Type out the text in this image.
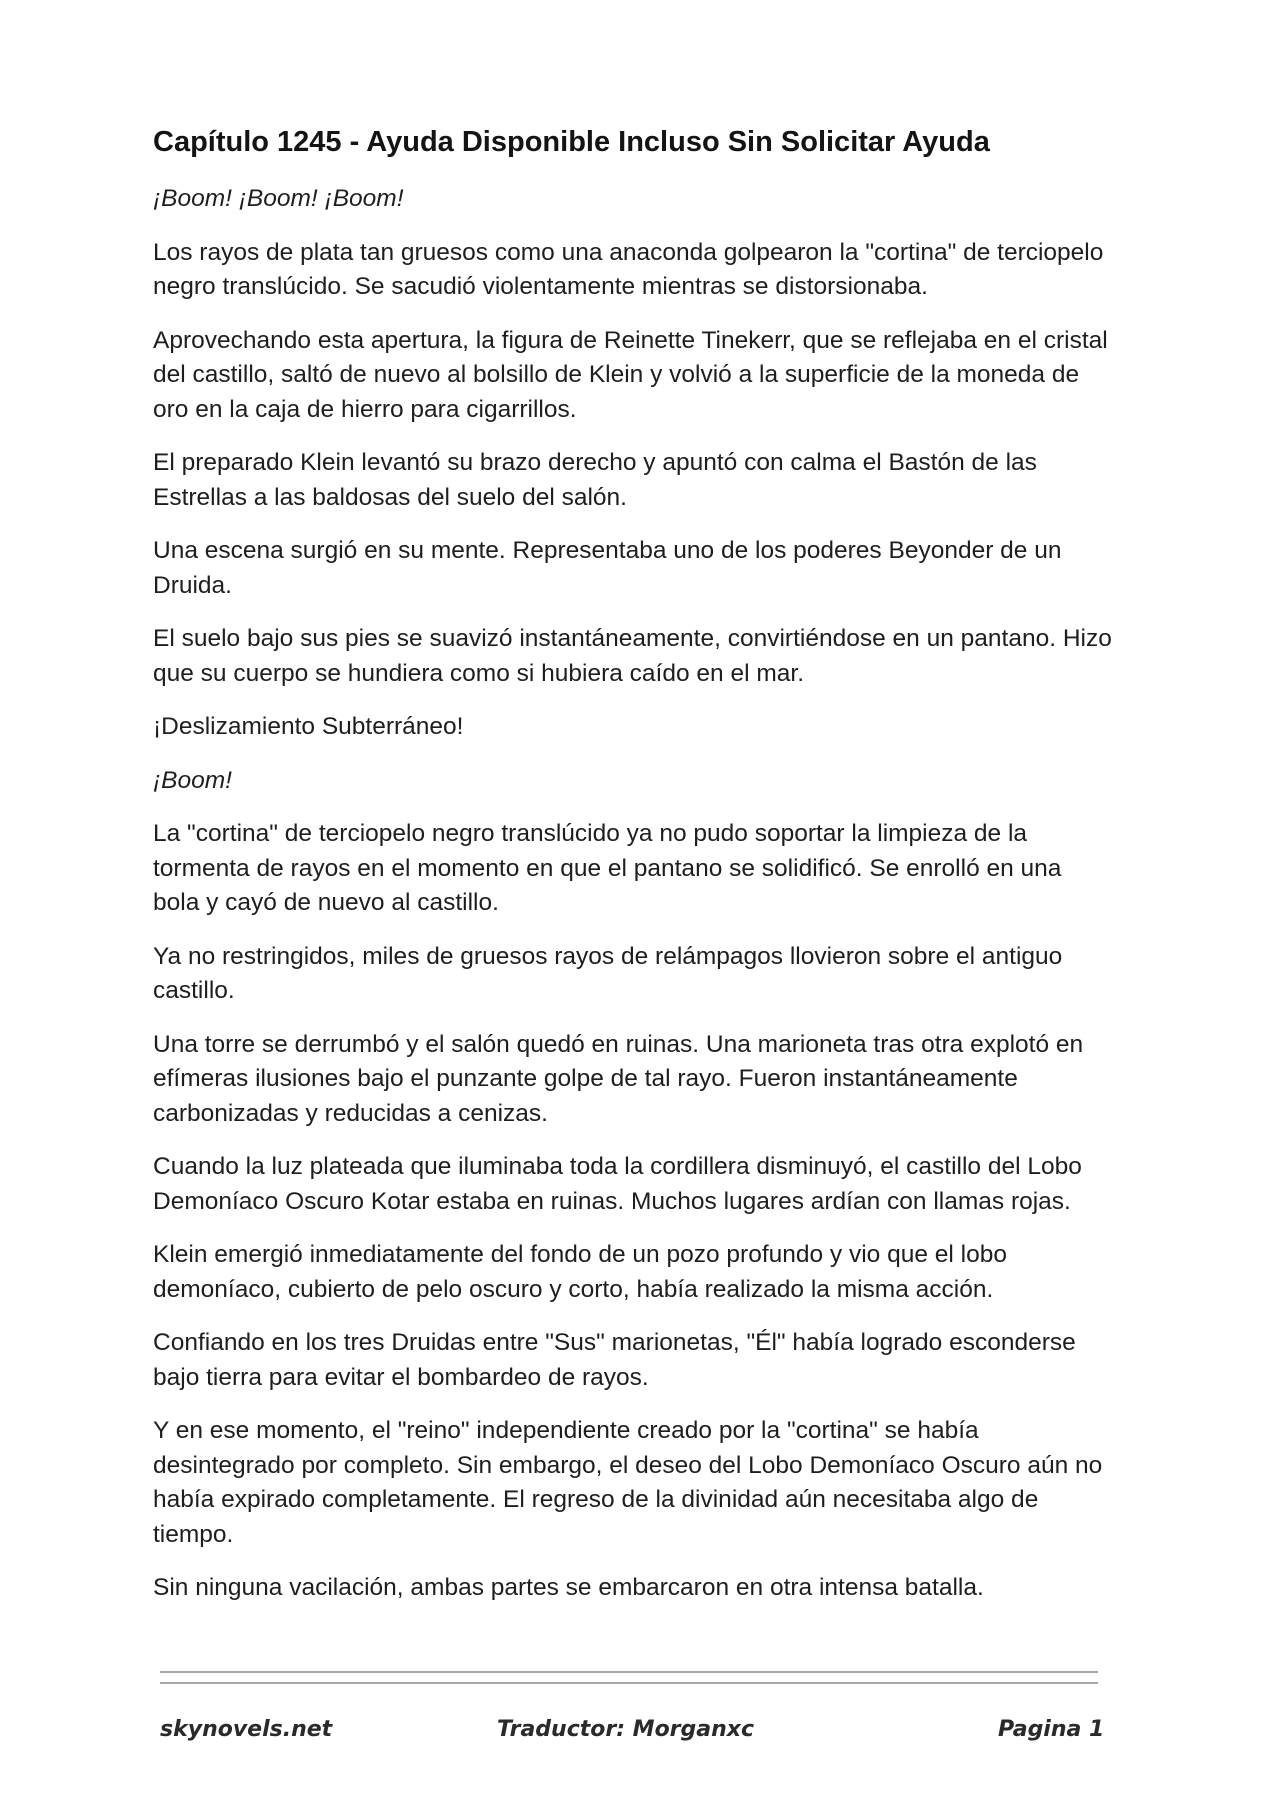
Capítulo 1245 - Ayuda Disponible Incluso Sin Solicitar Ayuda

¡Boom! ¡Boom! ¡Boom!

Los rayos de plata tan gruesos como una anaconda golpearon la "cortina" de terciopelo negro translúcido. Se sacudió violentamente mientras se distorsionaba.

Aprovechando esta apertura, la figura de Reinette Tinekerr, que se reflejaba en el cristal del castillo, saltó de nuevo al bolsillo de Klein y volvió a la superficie de la moneda de oro en la caja de hierro para cigarrillos.

El preparado Klein levantó su brazo derecho y apuntó con calma el Bastón de las Estrellas a las baldosas del suelo del salón.

Una escena surgió en su mente. Representaba uno de los poderes Beyonder de un Druida.

El suelo bajo sus pies se suavizó instantáneamente, convirtiéndose en un pantano. Hizo que su cuerpo se hundiera como si hubiera caído en el mar.

¡Deslizamiento Subterráneo!

¡Boom!

La "cortina" de terciopelo negro translúcido ya no pudo soportar la limpieza de la tormenta de rayos en el momento en que el pantano se solidificó. Se enrolló en una bola y cayó de nuevo al castillo.

Ya no restringidos, miles de gruesos rayos de relámpagos llovieron sobre el antiguo castillo.

Una torre se derrumbó y el salón quedó en ruinas. Una marioneta tras otra explotó en efímeras ilusiones bajo el punzante golpe de tal rayo. Fueron instantáneamente carbonizadas y reducidas a cenizas.

Cuando la luz plateada que iluminaba toda la cordillera disminuyó, el castillo del Lobo Demoníaco Oscuro Kotar estaba en ruinas. Muchos lugares ardían con llamas rojas.

Klein emergió inmediatamente del fondo de un pozo profundo y vio que el lobo demoníaco, cubierto de pelo oscuro y corto, había realizado la misma acción.

Confiando en los tres Druidas entre "Sus" marionetas, "Él" había logrado esconderse bajo tierra para evitar el bombardeo de rayos.

Y en ese momento, el "reino" independiente creado por la "cortina" se había desintegrado por completo. Sin embargo, el deseo del Lobo Demoníaco Oscuro aún no había expirado completamente. El regreso de la divinidad aún necesitaba algo de tiempo.

Sin ninguna vacilación, ambas partes se embarcaron en otra intensa batalla.

skynovels.net	Traductor: Morganxc	Pagina 1
